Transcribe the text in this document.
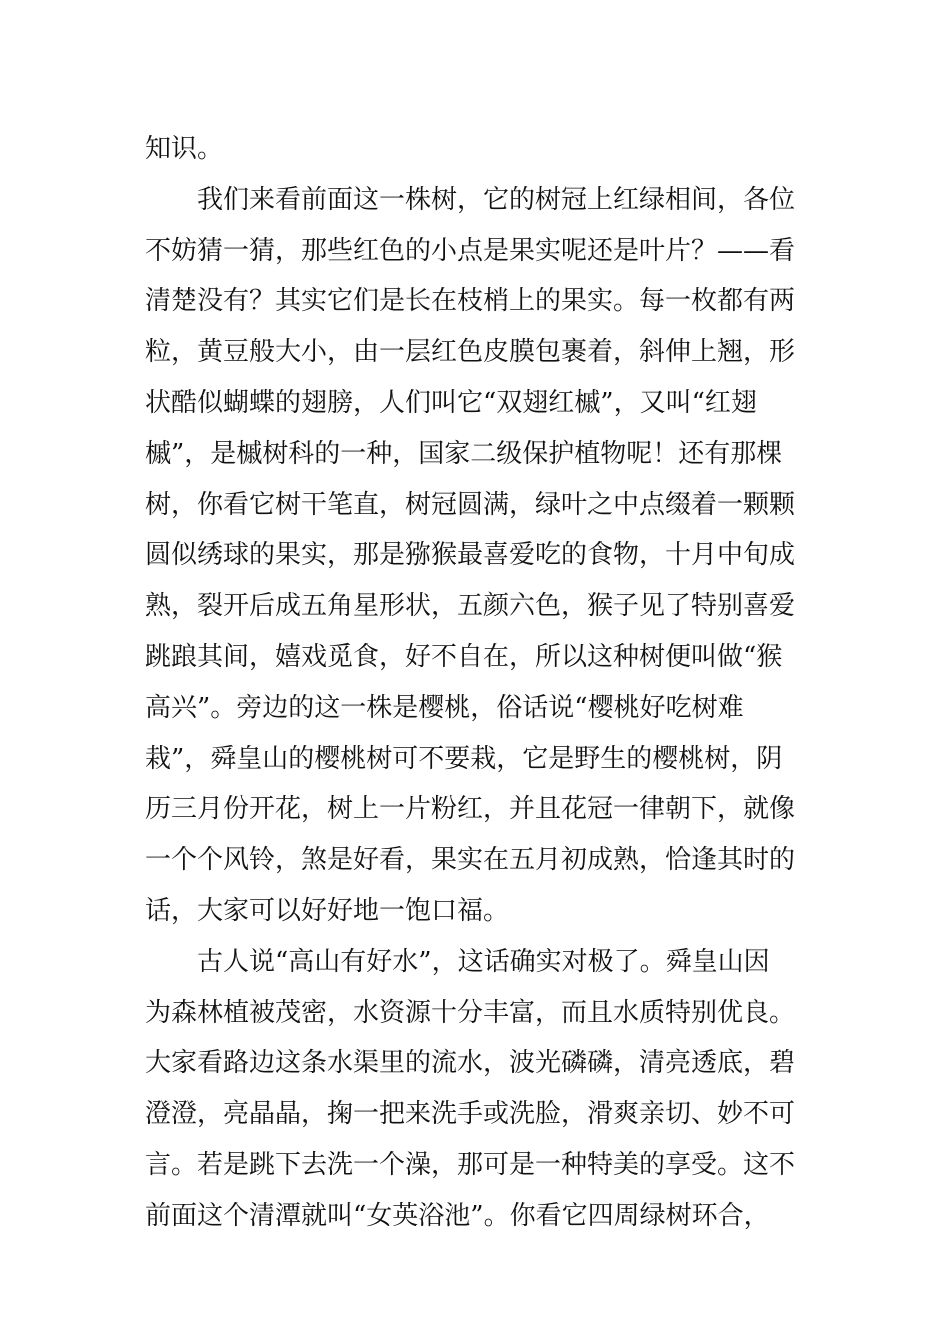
知识。
我们来看前面这一株树，它的树冠上红绿相间，各位
不妨猜一猜，那些红色的小点是果实呢还是叶片？——看
清楚没有？其实它们是长在枝梢上的果实。每一枚都有两
粒，黄豆般大小，由一层红色皮膜包裹着，斜伸上翘，形
状酷似蝴蝶的翅膀，人们叫它“双翅红槭”，又叫“红翅
槭”，是槭树科的一种，国家二级保护植物呢！还有那棵
树，你看它树干笔直，树冠圆满，绿叶之中点缀着一颗颗
圆似绣球的果实，那是猕猴最喜爱吃的食物，十月中旬成
熟，裂开后成五角星形状，五颜六色，猴子见了特别喜爱
跳踉其间，嬉戏觅食，好不自在，所以这种树便叫做“猴
高兴”。旁边的这一株是樱桃，俗话说“樱桃好吃树难
栽”，舜皇山的樱桃树可不要栽，它是野生的樱桃树，阴
历三月份开花，树上一片粉红，并且花冠一律朝下，就像
一个个风铃，煞是好看，果实在五月初成熟，恰逢其时的
话，大家可以好好地一饱口福。
古人说“高山有好水”，这话确实对极了。舜皇山因
为森林植被茂密，水资源十分丰富，而且水质特别优良。
大家看路边这条水渠里的流水，波光磷磷，清亮透底，碧
澄澄，亮晶晶，掬一把来洗手或洗脸，滑爽亲切、妙不可
言。若是跳下去洗一个澡，那可是一种特美的享受。这不
前面这个清潭就叫“女英浴池”。你看它四周绿树环合，
